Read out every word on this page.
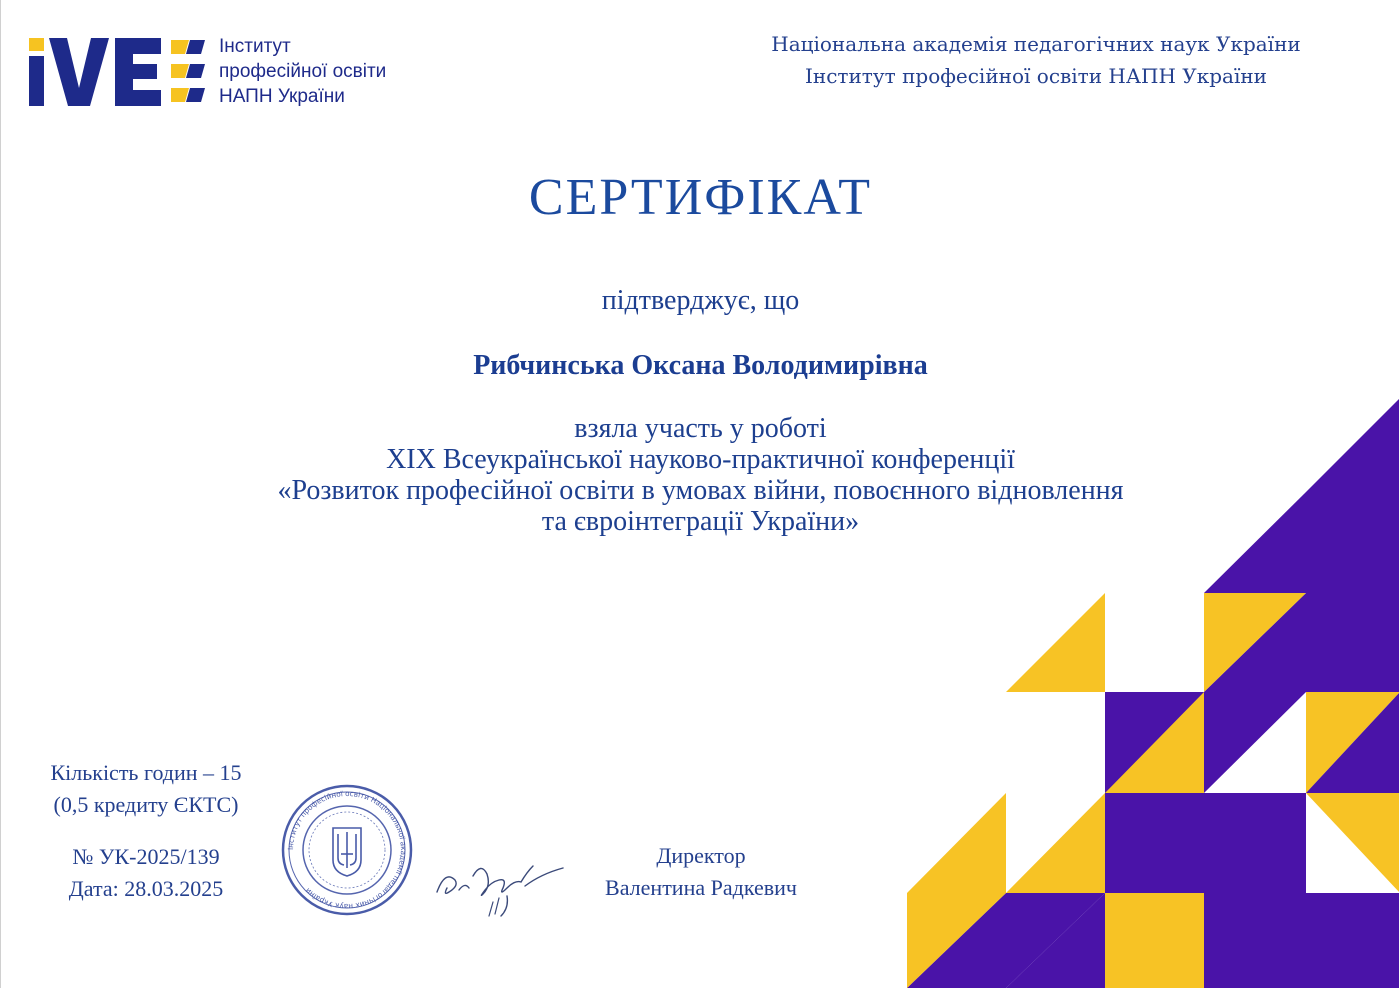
Інститут
професійної освіти
НАПН України
Національна академія педагогічних наук України
Інститут професійної освіти НАПН України
СЕРТИФІКАТ
підтверджує, що
Рибчинська Оксана Володимирівна
взяла участь у роботі
XIX Всеукраїнської науково-практичної конференції
«Розвиток професійної освіти в умовах війни, повоєнного відновлення
та євроінтеграції України»
Кількість годин – 15
(0,5 кредиту ЄКТС)
№ УК-2025/139
Дата: 28.03.2025
Інститут професійної освіти Національної академії педагогічних наук України
Директор
Валентина Радкевич
